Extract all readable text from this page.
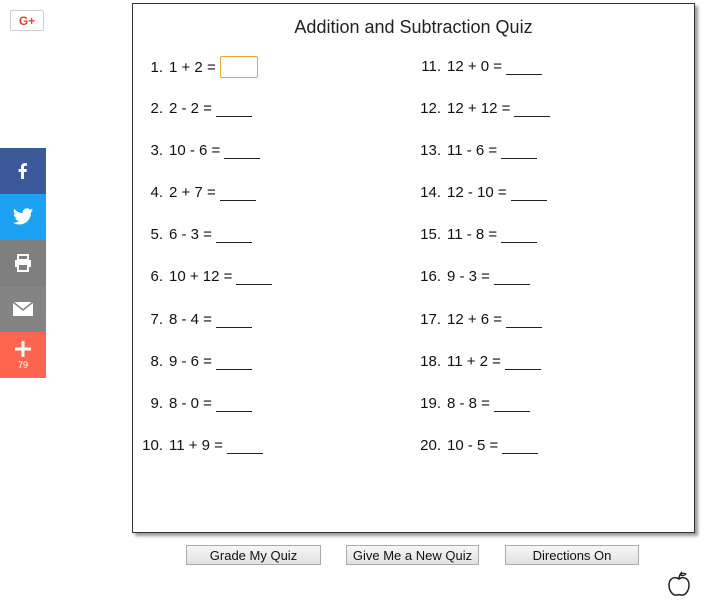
G+
79
Addition and Subtraction Quiz
1. 1 + 2 =
2. 2 - 2 =
3. 10 - 6 =
4. 2 + 7 =
5. 6 - 3 =
6. 10 + 12 =
7. 8 - 4 =
8. 9 - 6 =
9. 8 - 0 =
10. 11 + 9 =
11. 12 + 0 =
12. 12 + 12 =
13. 11 - 6 =
14. 12 - 10 =
15. 11 - 8 =
16. 9 - 3 =
17. 12 + 6 =
18. 11 + 2 =
19. 8 - 8 =
20. 10 - 5 =
Grade My Quiz	Give Me a New Quiz	Directions On
